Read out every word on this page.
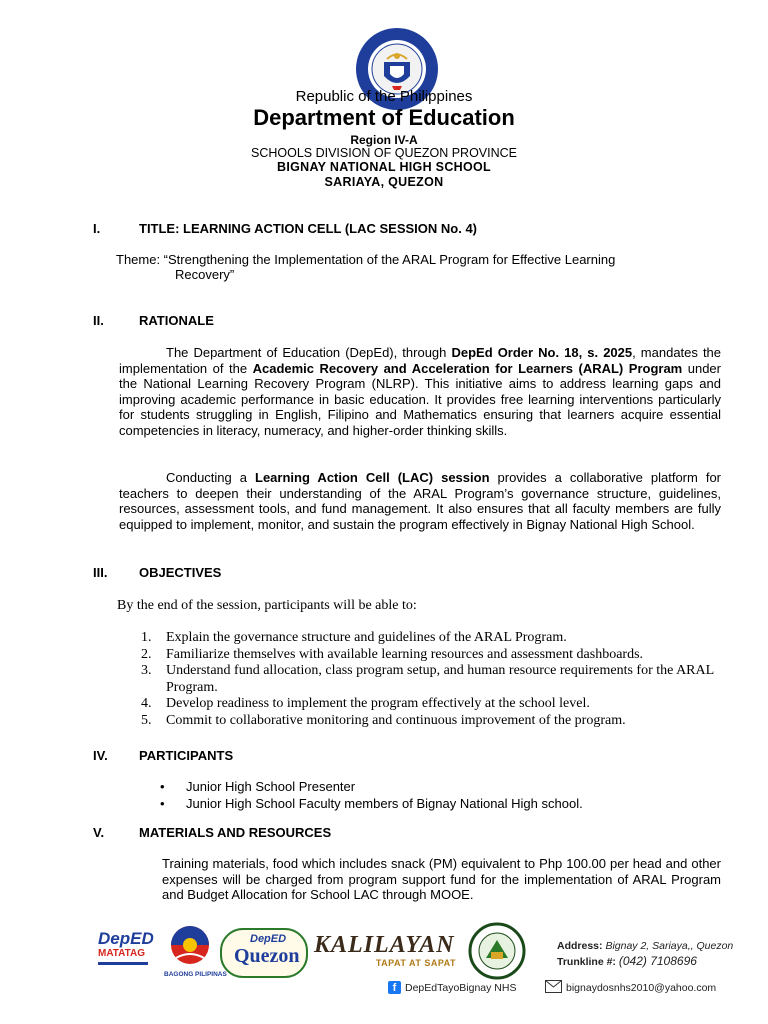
Republic of the Philippines
Department of Education
Region IV-A
SCHOOLS DIVISION OF QUEZON PROVINCE
BIGNAY NATIONAL HIGH SCHOOL
SARIAYA, QUEZON
I.	TITLE: LEARNING ACTION CELL (LAC SESSION No. 4)
Theme: “Strengthening the Implementation of the ARAL Program for Effective Learning
Recovery”
II.	RATIONALE
The Department of Education (DepEd), through DepEd Order No. 18, s. 2025, mandates the implementation of the Academic Recovery and Acceleration for Learners (ARAL) Program under the National Learning Recovery Program (NLRP). This initiative aims to address learning gaps and improving academic performance in basic education. It provides free learning interventions particularly for students struggling in English, Filipino and Mathematics ensuring that learners acquire essential competencies in literacy, numeracy, and higher-order thinking skills.
Conducting a Learning Action Cell (LAC) session provides a collaborative platform for teachers to deepen their understanding of the ARAL Program’s governance structure, guidelines, resources, assessment tools, and fund management. It also ensures that all faculty members are fully equipped to implement, monitor, and sustain the program effectively in Bignay National High School.
III. OBJECTIVES
By the end of the session, participants will be able to:
1. Explain the governance structure and guidelines of the ARAL Program.
2. Familiarize themselves with available learning resources and assessment dashboards.
3. Understand fund allocation, class program setup, and human resource requirements for the ARAL Program.
4. Develop readiness to implement the program effectively at the school level.
5. Commit to collaborative monitoring and continuous improvement of the program.
IV. PARTICIPANTS
• Junior High School Presenter
• Junior High School Faculty members of Bignay National High school.
V.	MATERIALS AND RESOURCES
Training materials, food which includes snack (PM) equivalent to Php 100.00 per head and other expenses will be charged from program support fund for the implementation of ARAL Program and Budget Allocation for School LAC through MOOE.
DepED
MATATAG
BAGONG PILIPINAS
DepED
Quezon KALILAYAN
TAPAT AT SAPAT
Address: Bignay 2, Sariaya,, Quezon
Trunkline #: (042) 7108696
f DepEdTayoBignay NHS	bignaydosnhs2010@yahoo.com
